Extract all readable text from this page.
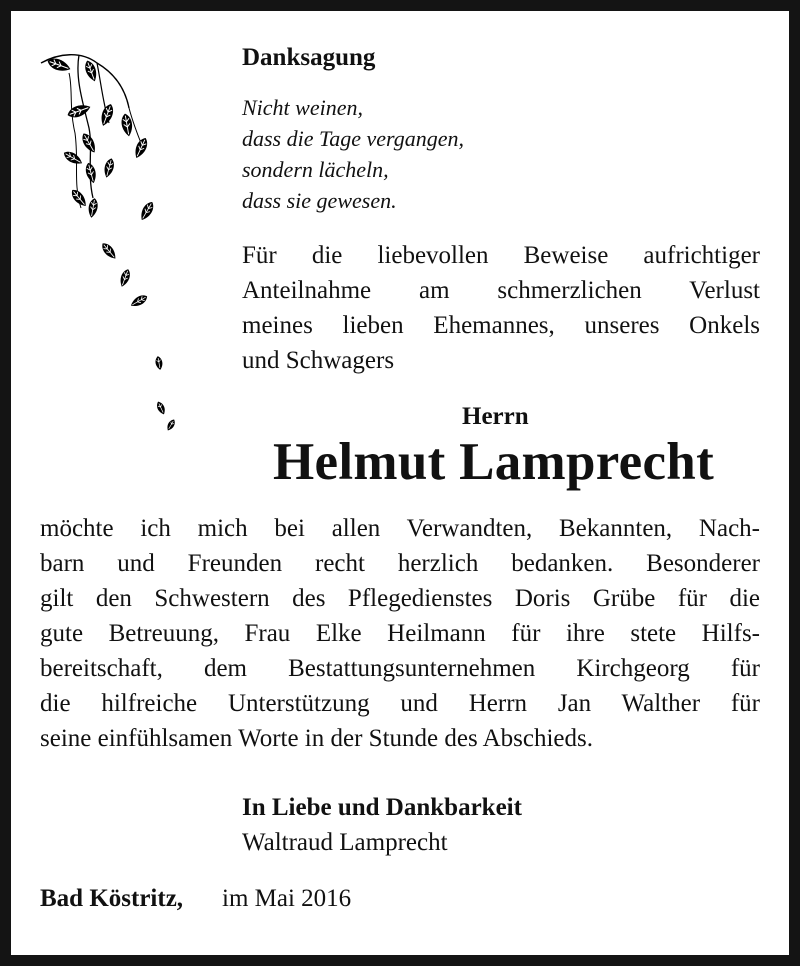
Danksagung
Nicht weinen,
dass die Tage vergangen,
sondern lächeln,
dass sie gewesen.
Für die liebevollen Beweise aufrichtiger
Anteilnahme am schmerzlichen Verlust
meines lieben Ehemannes, unseres Onkels
und Schwagers
Herrn
Helmut Lamprecht
möchte ich mich bei allen Verwandten, Bekannten, Nach-
barn und Freunden recht herzlich bedanken. Besonderer
gilt den Schwestern des Pflegedienstes Doris Grübe für die
gute Betreuung, Frau Elke Heilmann für ihre stete Hilfs-
bereitschaft, dem Bestattungsunternehmen Kirchgeorg für
die hilfreiche Unterstützung und Herrn Jan Walther für
seine einfühlsamen Worte in der Stunde des Abschieds.
In Liebe und Dankbarkeit
Waltraud Lamprecht
Bad Köstritz, im Mai 2016
